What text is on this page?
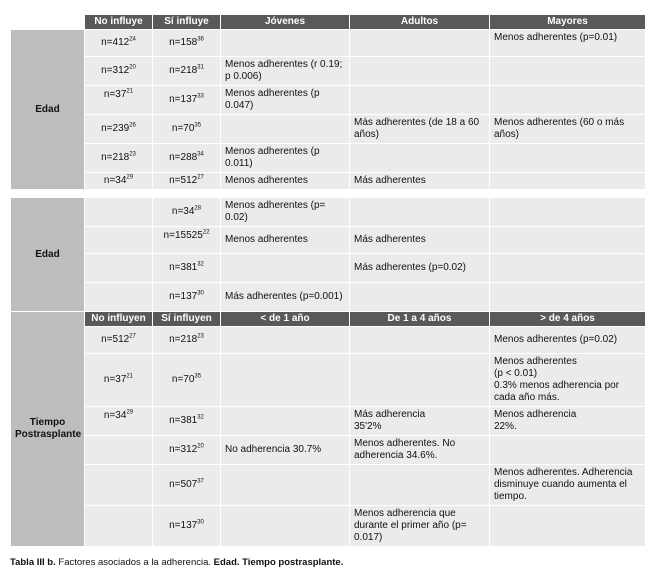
	No influye	Sí influye	Jóvenes	Adultos	Mayores
Edad	$n=412^{24}$	$n=158^{36}$			Menos adherentes (p=0.01)
	$n=312^{20}$	$n=218^{31}$	Menos adherentes (r 0.19; p 0.006)		
	$n=37^{21}$	$n=137^{33}$	Menos adherentes (p 0.047)		
	$n=239^{26}$	$n=70^{35}$		Más adherentes (de 18 a 60 años)	Menos adherentes (60 o más años)
	$n=218^{23}$	$n=288^{34}$	Menos adherentes (p 0.011)		
	$n=34^{29}$	$n=512^{27}$	Menos adherentes	Más adherentes	

Edad		$n=34^{28}$	Menos adherentes (p= 0.02)		
		$n=15525^{22}$	Menos adherentes	Más adherentes	
		$n=381^{32}$		Más adherentes (p=0.02)	
		$n=137^{30}$	Más adherentes (p=0.001)		
Tiempo
Postrasplante	No influyen	Sí influyen	< de 1 año	De 1 a 4 años	> de 4 años
	$n=512^{27}$	$n=218^{23}$			Menos adherentes (p=0.02)
	$n=37^{21}$	$n=70^{35}$			Menos adherentes
(p < 0.01)
0.3% menos adherencia por cada año más.
	$n=34^{29}$	$n=381^{32}$		Más adherencia
35'2%	Menos adherencia
22%.
		$n=312^{20}$	No adherencia 30.7%	Menos adherentes. No adherencia 34.6%.	
		$n=507^{37}$			Menos adherentes. Adherencia disminuye cuando aumenta el tiempo.
		$n=137^{30}$		Menos adherencia que durante el primer año (p= 0.017)	
Tabla III b. Factores asociados a la adherencia. Edad. Tiempo postrasplante.
